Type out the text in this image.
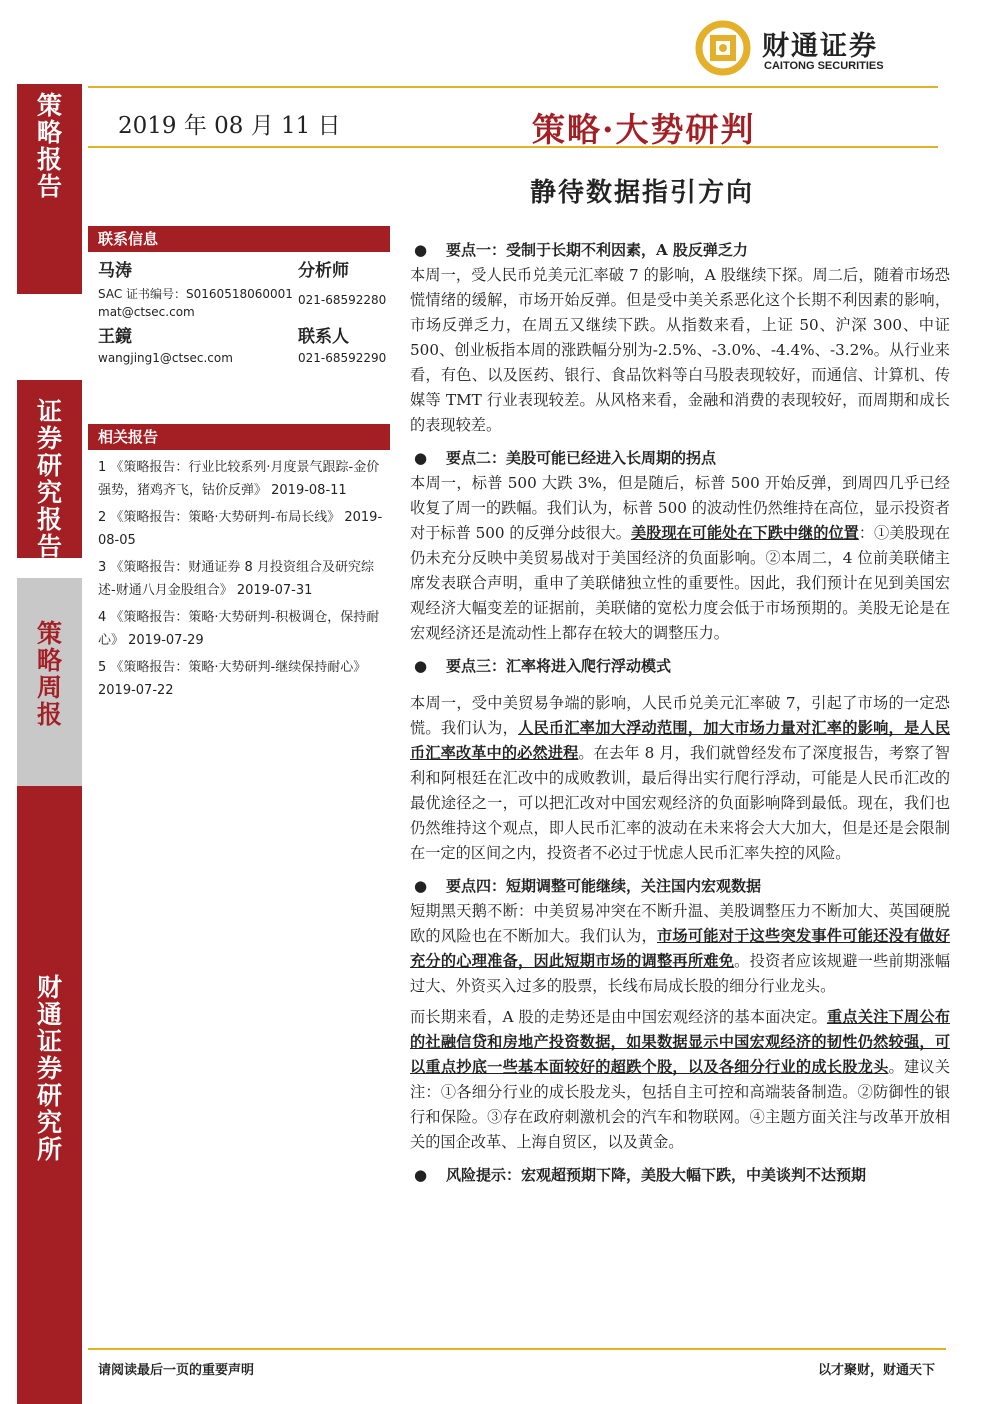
策略报告
证券研究报告
策略周报
财通证券研究所
财通证券
CAITONG SECURITIES
2019 年 08 月 11 日	策略·大势研判
静待数据指引方向
联系信息
马涛	分析师
SAC 证书编号：S0160518060001 021-68592280
mat@ctsec.com
王鏡	联系人
wangjing1@ctsec.com	021-68592290
相关报告
1 《策略报告：行业比较系列·月度景气跟踪-金价强势，猪鸡齐飞，钴价反弹》 2019-08-11
2 《策略报告：策略·大势研判-布局长线》 2019-08-05
3 《策略报告：财通证券 8 月投资组合及研究综述-财通八月金股组合》 2019-07-31
4 《策略报告：策略·大势研判-积极调仓，保持耐心》 2019-07-29
5 《策略报告：策略·大势研判-继续保持耐心》 2019-07-22

● 要点一：受制于长期不利因素，A 股反弹乏力

本周一，受人民币兑美元汇率破 7 的影响，A 股继续下探。周二后，随着市场恐慌情绪的缓解，市场开始反弹。但是受中美关系恶化这个长期不利因素的影响，市场反弹乏力，在周五又继续下跌。从指数来看，上证 50、沪深 300、中证 500、创业板指本周的涨跌幅分别为-2.5%、-3.0%、-4.4%、-3.2%。从行业来看，有色、以及医药、银行、食品饮料等白马股表现较好，而通信、计算机、传媒等 TMT 行业表现较差。从风格来看，金融和消费的表现较好，而周期和成长的表现较差。

● 要点二：美股可能已经进入长周期的拐点

本周一，标普 500 大跌 3%，但是随后，标普 500 开始反弹，到周四几乎已经收复了周一的跌幅。我们认为，标普 500 的波动性仍然维持在高位，显示投资者对于标普 500 的反弹分歧很大。美股现在可能处在下跌中继的位置：①美股现在仍未充分反映中美贸易战对于美国经济的负面影响。②本周二，4 位前美联储主席发表联合声明，重申了美联储独立性的重要性。因此，我们预计在见到美国宏观经济大幅变差的证据前，美联储的宽松力度会低于市场预期的。美股无论是在宏观经济还是流动性上都存在较大的调整压力。

● 要点三：汇率将进入爬行浮动模式

本周一，受中美贸易争端的影响，人民币兑美元汇率破 7，引起了市场的一定恐慌。我们认为，人民币汇率加大浮动范围，加大市场力量对汇率的影响，是人民币汇率改革中的必然进程。在去年 8 月，我们就曾经发布了深度报告，考察了智利和阿根廷在汇改中的成败教训，最后得出实行爬行浮动，可能是人民币汇改的最优途径之一，可以把汇改对中国宏观经济的负面影响降到最低。现在，我们也仍然维持这个观点，即人民币汇率的波动在未来将会大大加大，但是还是会限制在一定的区间之内，投资者不必过于忧虑人民币汇率失控的风险。

● 要点四：短期调整可能继续，关注国内宏观数据

短期黑天鹅不断：中美贸易冲突在不断升温、美股调整压力不断加大、英国硬脱欧的风险也在不断加大。我们认为，市场可能对于这些突发事件可能还没有做好充分的心理准备，因此短期市场的调整再所难免。投资者应该规避一些前期涨幅过大、外资买入过多的股票，长线布局成长股的细分行业龙头。

而长期来看，A 股的走势还是由中国宏观经济的基本面决定。重点关注下周公布的社融信贷和房地产投资数据，如果数据显示中国宏观经济的韧性仍然较强，可以重点抄底一些基本面较好的超跌个股，以及各细分行业的成长股龙头。建议关注：①各细分行业的成长股龙头，包括自主可控和高端装备制造。②防御性的银行和保险。③存在政府刺激机会的汽车和物联网。④主题方面关注与改革开放相关的国企改革、上海自贸区，以及黄金。

● 风险提示：宏观超预期下降，美股大幅下跌，中美谈判不达预期

请阅读最后一页的重要声明	以才聚财，财通天下
